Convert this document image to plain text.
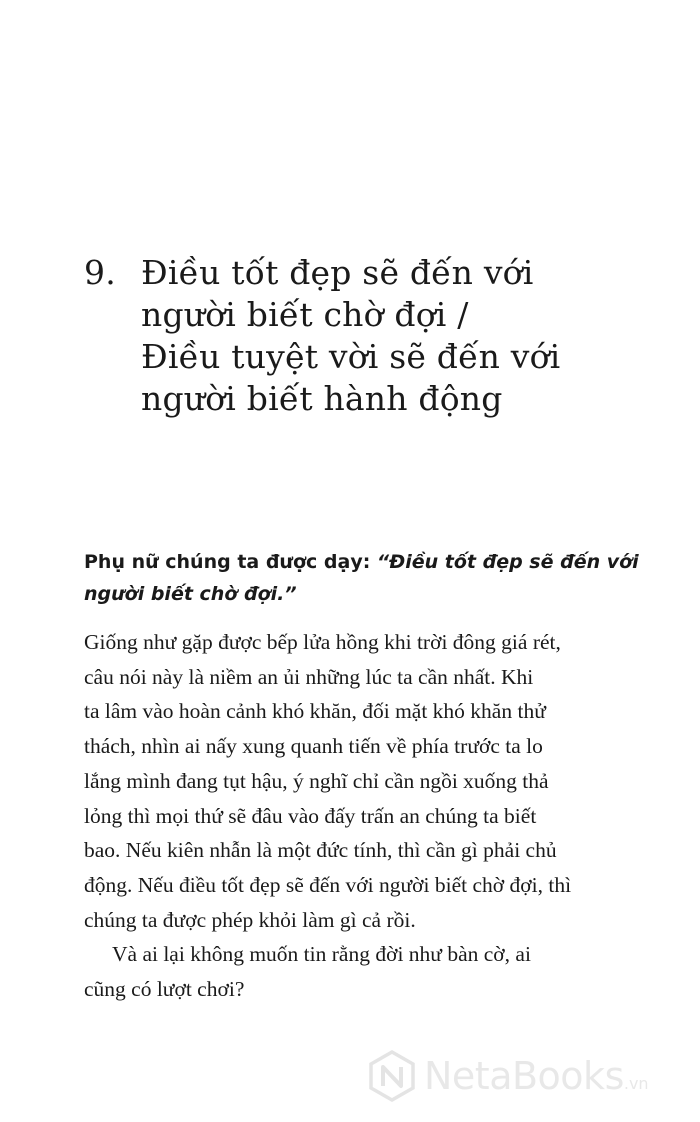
9. Điều tốt đẹp sẽ đến với
người biết chờ đợi /
Điều tuyệt vời sẽ đến với
người biết hành động
Phụ nữ chúng ta được dạy: “Điều tốt đẹp sẽ đến với
người biết chờ đợi.”
Giống như gặp được bếp lửa hồng khi trời đông giá rét,
câu nói này là niềm an ủi những lúc ta cần nhất. Khi
ta lâm vào hoàn cảnh khó khăn, đối mặt khó khăn thử
thách, nhìn ai nấy xung quanh tiến về phía trước ta lo
lắng mình đang tụt hậu, ý nghĩ chỉ cần ngồi xuống thả
lỏng thì mọi thứ sẽ đâu vào đấy trấn an chúng ta biết
bao. Nếu kiên nhẫn là một đức tính, thì cần gì phải chủ
động. Nếu điều tốt đẹp sẽ đến với người biết chờ đợi, thì
chúng ta được phép khỏi làm gì cả rồi.
Và ai lại không muốn tin rằng đời như bàn cờ, ai
cũng có lượt chơi?
NetaBooks.vn
